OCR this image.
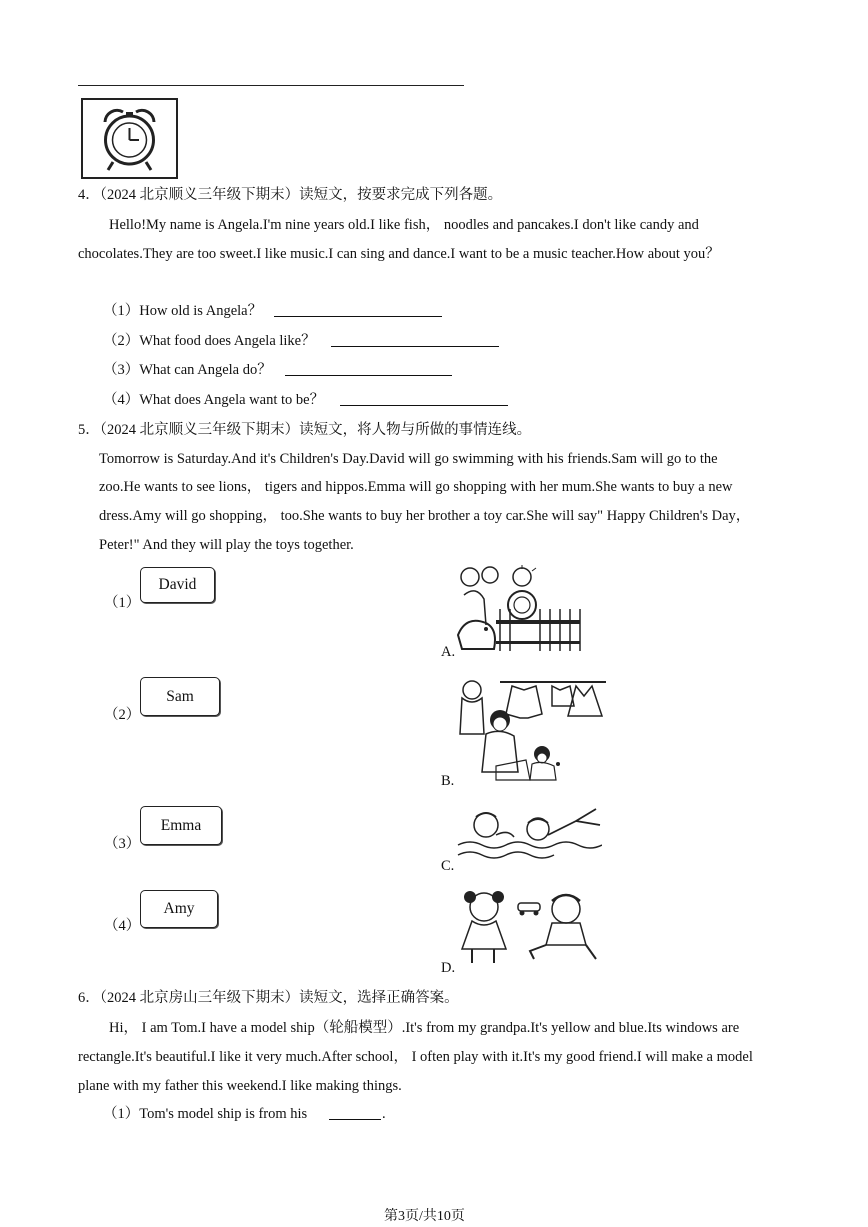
4．（2024 北京顺义三年级下期末）读短文，按要求完成下列各题。
Hello!My name is Angela.I'm nine years old.I like fish， noodles and pancakes.I don't like candy and
chocolates.They are too sweet.I like music.I can sing and dance.I want to be a music teacher.How about you？
（1）How old is Angela？
（2）What food does Angela like？
（3）What can Angela do？
（4）What does Angela want to be？
5．（2024 北京顺义三年级下期末）读短文，将人物与所做的事情连线。
Tomorrow is Saturday.And it's Children's Day.David will go swimming with his friends.Sam will go to the
zoo.He wants to see lions， tigers and hippos.Emma will go shopping with her mum.She wants to buy a new
dress.Amy will go shopping， too.She wants to buy her brother a toy car.She will say" Happy Children's Day，
Peter!" And they will play the toys together.
（1）
David
（2）
Sam
（3）
Emma
（4）
Amy
A.
B.
C.
D.
6．（2024 北京房山三年级下期末）读短文，选择正确答案。
Hi， I am Tom.I have a model ship（轮船模型）.It's from my grandpa.It's yellow and blue.Its windows are
rectangle.It's beautiful.I like it very much.After school， I often play with it.It's my good friend.I will make a model
plane with my father this weekend.I like making things.
（1）Tom's model ship is from his	.
第3页/共10页
